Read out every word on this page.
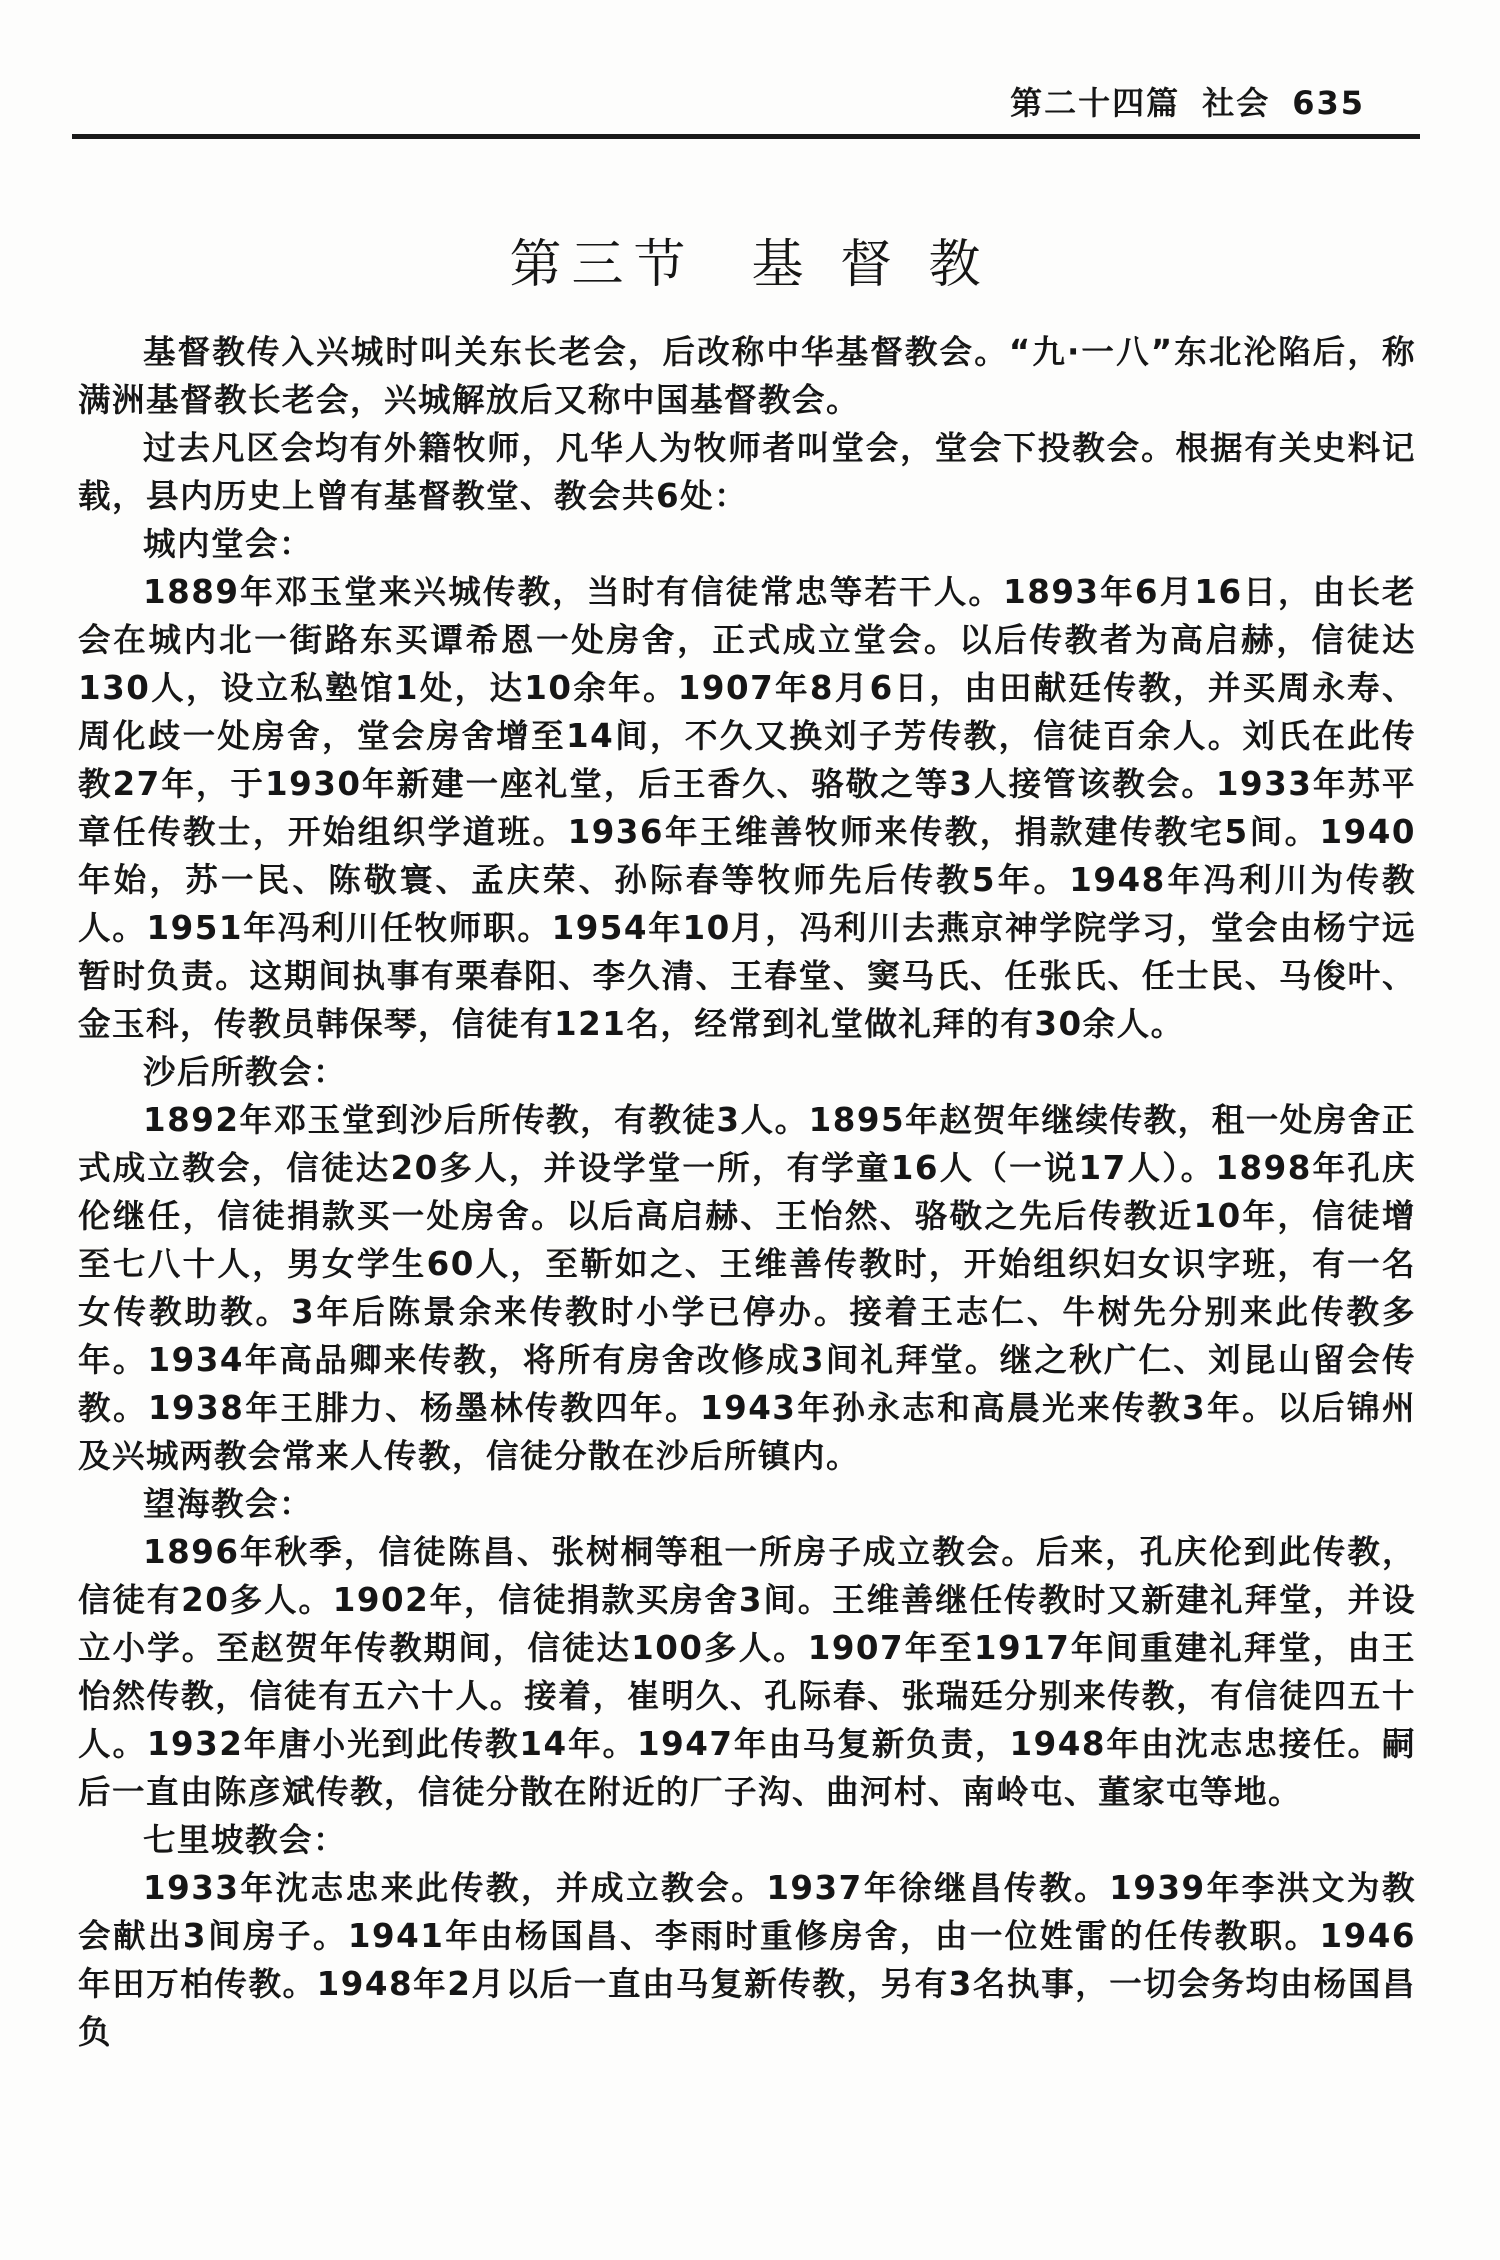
第二十四篇 社会 635
第三节 基 督 教

基督教传入兴城时叫关东长老会，后改称中华基督教会。“九·一八”东北沦陷后，称满洲基督教长老会，兴城解放后又称中国基督教会。

过去凡区会均有外籍牧师，凡华人为牧师者叫堂会，堂会下投教会。根据有关史料记载，县内历史上曾有基督教堂、教会共6处：

城内堂会：

1889年邓玉堂来兴城传教，当时有信徒常忠等若干人。1893年6月16日，由长老会在城内北一街路东买谭希恩一处房舍，正式成立堂会。以后传教者为高启赫，信徒达130人，设立私塾馆1处，达10余年。1907年8月6日，由田献廷传教，并买周永寿、周化歧一处房舍，堂会房舍增至14间，不久又换刘子芳传教，信徒百余人。刘氏在此传教27年，于1930年新建一座礼堂，后王香久、骆敬之等3人接管该教会。1933年苏平章任传教士，开始组织学道班。1936年王维善牧师来传教，捐款建传教宅5间。1940年始，苏一民、陈敬寰、孟庆荣、孙际春等牧师先后传教5年。1948年冯利川为传教人。1951年冯利川任牧师职。1954年10月，冯利川去燕京神学院学习，堂会由杨宁远暂时负责。这期间执事有栗春阳、李久清、王春堂、窦马氏、任张氏、任士民、马俊叶、金玉科，传教员韩保琴，信徒有121名，经常到礼堂做礼拜的有30余人。

沙后所教会：

1892年邓玉堂到沙后所传教，有教徒3人。1895年赵贺年继续传教，租一处房舍正式成立教会，信徒达20多人，并设学堂一所，有学童16人（一说17人）。1898年孔庆伦继任，信徒捐款买一处房舍。以后高启赫、王怡然、骆敬之先后传教近10年，信徒增至七八十人，男女学生60人，至靳如之、王维善传教时，开始组织妇女识字班，有一名女传教助教。3年后陈景余来传教时小学已停办。接着王志仁、牛树先分别来此传教多年。1934年高品卿来传教，将所有房舍改修成3间礼拜堂。继之秋广仁、刘昆山留会传教。1938年王腓力、杨墨林传教四年。1943年孙永志和高晨光来传教3年。以后锦州及兴城两教会常来人传教，信徒分散在沙后所镇内。

望海教会：

1896年秋季，信徒陈昌、张树桐等租一所房子成立教会。后来，孔庆伦到此传教，信徒有20多人。1902年，信徒捐款买房舍3间。王维善继任传教时又新建礼拜堂，并设立小学。至赵贺年传教期间，信徒达100多人。1907年至1917年间重建礼拜堂，由王怡然传教，信徒有五六十人。接着，崔明久、孔际春、张瑞廷分别来传教，有信徒四五十人。1932年唐小光到此传教14年。1947年由马复新负责，1948年由沈志忠接任。嗣后一直由陈彦斌传教，信徒分散在附近的厂子沟、曲河村、南岭屯、董家屯等地。

七里坡教会：

1933年沈志忠来此传教，并成立教会。1937年徐继昌传教。1939年李洪文为教会献出3间房子。1941年由杨国昌、李雨时重修房舍，由一位姓雷的任传教职。1946年田万柏传教。1948年2月以后一直由马复新传教，另有3名执事，一切会务均由杨国昌负
